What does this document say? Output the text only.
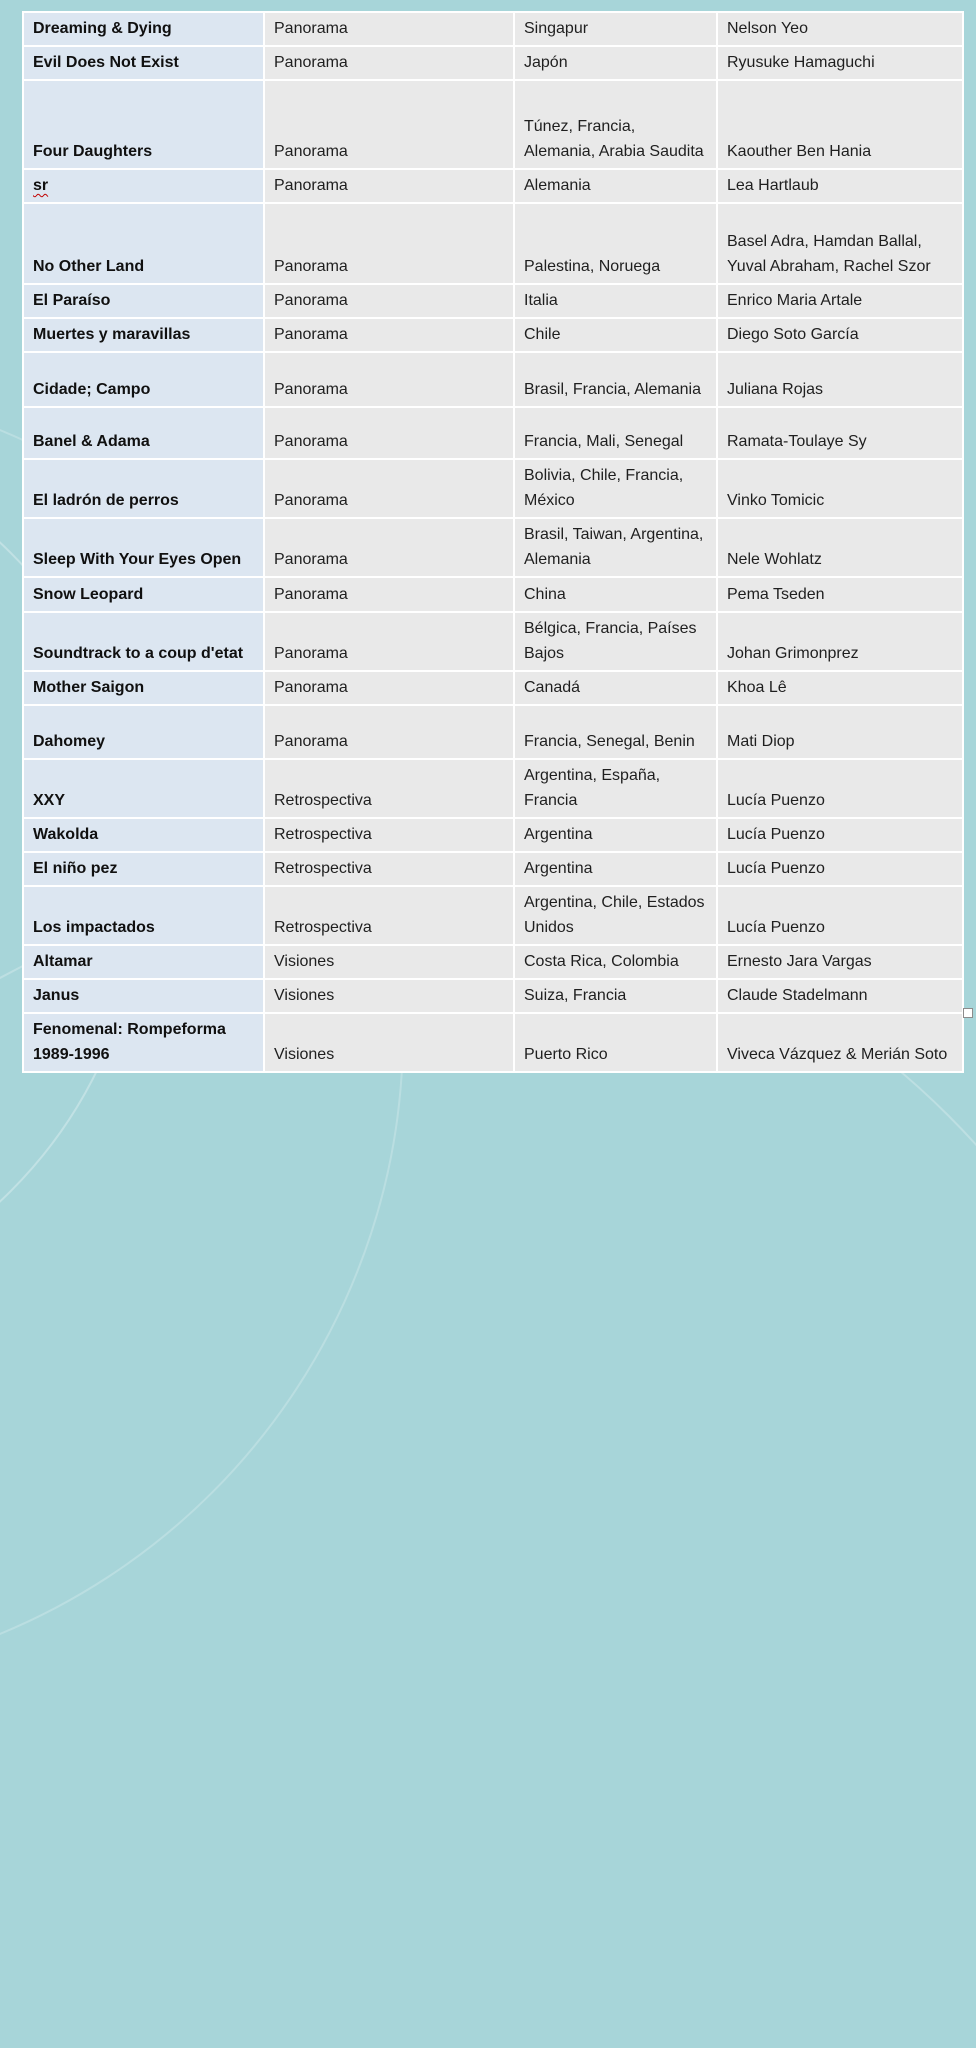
Dreaming & Dying	Panorama	Singapur	Nelson Yeo
Evil Does Not Exist	Panorama	Japón	Ryusuke Hamaguchi
Four Daughters	Panorama	Túnez, Francia, Alemania, Arabia Saudita	Kaouther Ben Hania
sr	Panorama	Alemania	Lea Hartlaub
No Other Land	Panorama	Palestina, Noruega	Basel Adra, Hamdan Ballal, Yuval Abraham, Rachel Szor
El Paraíso	Panorama	Italia	Enrico Maria Artale
Muertes y maravillas	Panorama	Chile	Diego Soto García
Cidade; Campo	Panorama	Brasil, Francia, Alemania	Juliana Rojas
Banel & Adama	Panorama	Francia, Mali, Senegal	Ramata-Toulaye Sy
El ladrón de perros	Panorama	Bolivia, Chile, Francia, México	Vinko Tomicic
Sleep With Your Eyes Open	Panorama	Brasil, Taiwan, Argentina, Alemania	Nele Wohlatz
Snow Leopard	Panorama	China	Pema Tseden
Soundtrack to a coup d'etat	Panorama	Bélgica, Francia, Países Bajos	Johan Grimonprez
Mother Saigon	Panorama	Canadá	Khoa Lê
Dahomey	Panorama	Francia, Senegal, Benin	Mati Diop
XXY	Retrospectiva	Argentina, España, Francia	Lucía Puenzo
Wakolda	Retrospectiva	Argentina	Lucía Puenzo
El niño pez	Retrospectiva	Argentina	Lucía Puenzo
Los impactados	Retrospectiva	Argentina, Chile, Estados Unidos	Lucía Puenzo
Altamar	Visiones	Costa Rica, Colombia	Ernesto Jara Vargas
Janus	Visiones	Suiza, Francia	Claude Stadelmann
Fenomenal: Rompeforma 1989-1996	Visiones	Puerto Rico	Viveca Vázquez & Merián Soto
